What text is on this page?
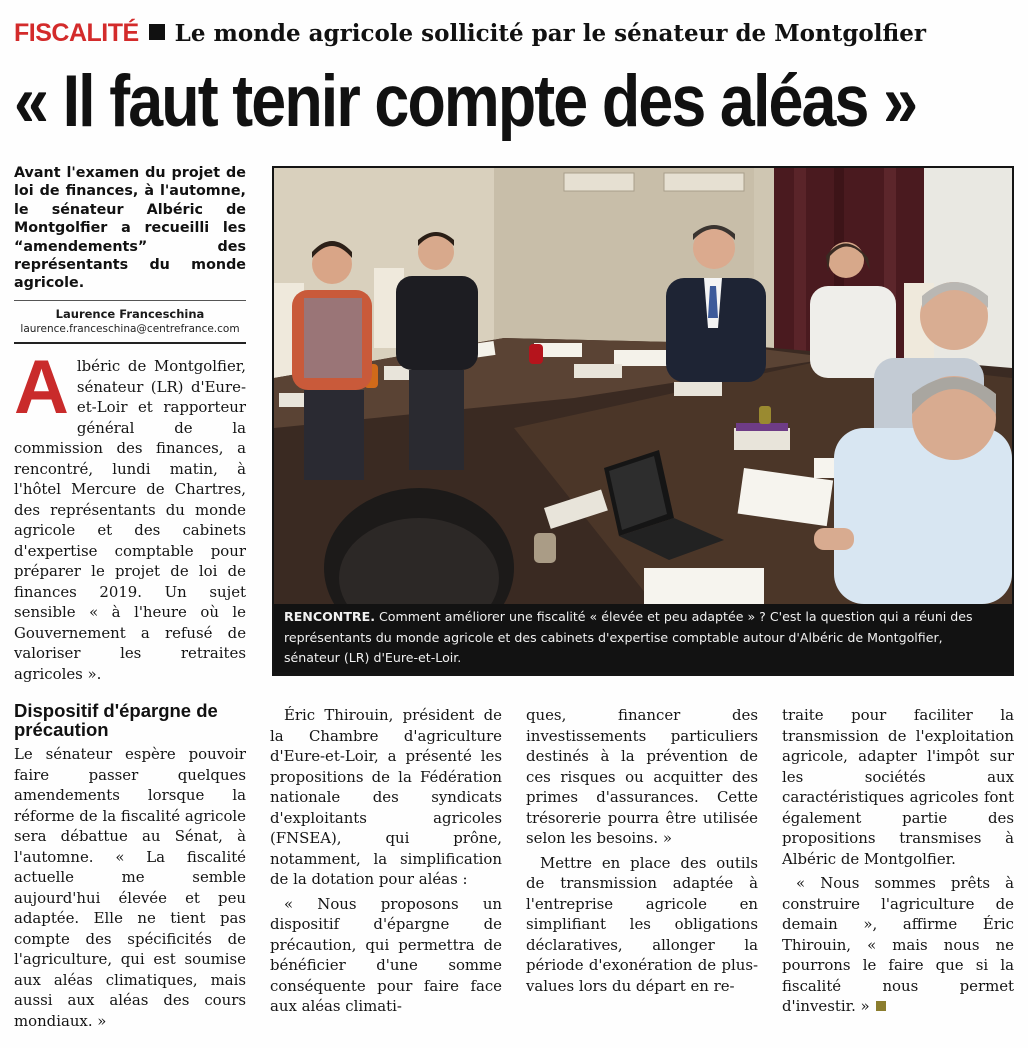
FISCALITÉ Le monde agricole sollicité par le sénateur de Montgolfier
« Il faut tenir compte des aléas »
Avant l'examen du projet de loi de finances, à l'automne, le sénateur Albéric de Montgolfier a recueilli les “amendements” des représentants du monde agricole.
Laurence Franceschina
laurence.franceschina@centrefrance.com
Albéric de Montgolfier, sénateur (LR) d'Eure-et-Loir et rapporteur général de la commission des finances, a rencontré, lundi matin, à l'hôtel Mercure de Chartres, des représentants du monde agricole et des cabinets d'expertise comptable pour préparer le projet de loi de finances 2019. Un sujet sensible « à l'heure où le Gouvernement a refusé de valoriser les retraites agricoles ».
Dispositif d'épargne de précaution

Le sénateur espère pouvoir faire passer quelques amendements lorsque la réforme de la fiscalité agricole sera débattue au Sénat, à l'automne. « La fiscalité actuelle me semble aujourd'hui élevée et peu adaptée. Elle ne tient pas compte des spécificités de l'agriculture, qui est soumise aux aléas climatiques, mais aussi aux aléas des cours mondiaux. »

Éric Thirouin, président de la Chambre d'agriculture d'Eure-et-Loir, a présenté les propositions de la Fédération nationale des syndicats d'exploitants agricoles (FNSEA), qui prône, notamment, la simplification de la dotation pour aléas :

« Nous proposons un dispositif d'épargne de précaution, qui permettra de bénéficier d'une somme conséquente pour faire face aux aléas climati-

ques, financer des investissements particuliers destinés à la prévention de ces risques ou acquitter des primes d'assurances. Cette trésorerie pourra être utilisée selon les besoins. »

Mettre en place des outils de transmission adaptée à l'entreprise agricole en simplifiant les obligations déclaratives, allonger la période d'exonération de plus-values lors du départ en re-

traite pour faciliter la transmission de l'exploitation agricole, adapter l'impôt sur les sociétés aux caractéristiques agricoles font également partie des propositions transmises à Albéric de Montgolfier.

« Nous sommes prêts à construire l'agriculture de demain », affirme Éric Thirouin, « mais nous ne pourrons le faire que si la fiscalité nous permet d'investir. »

RENCONTRE. Comment améliorer une fiscalité « élevée et peu adaptée » ? C'est la question qui a réuni des représentants du monde agricole et des cabinets d'expertise comptable autour d'Albéric de Montgolfier, sénateur (LR) d'Eure-et-Loir.
